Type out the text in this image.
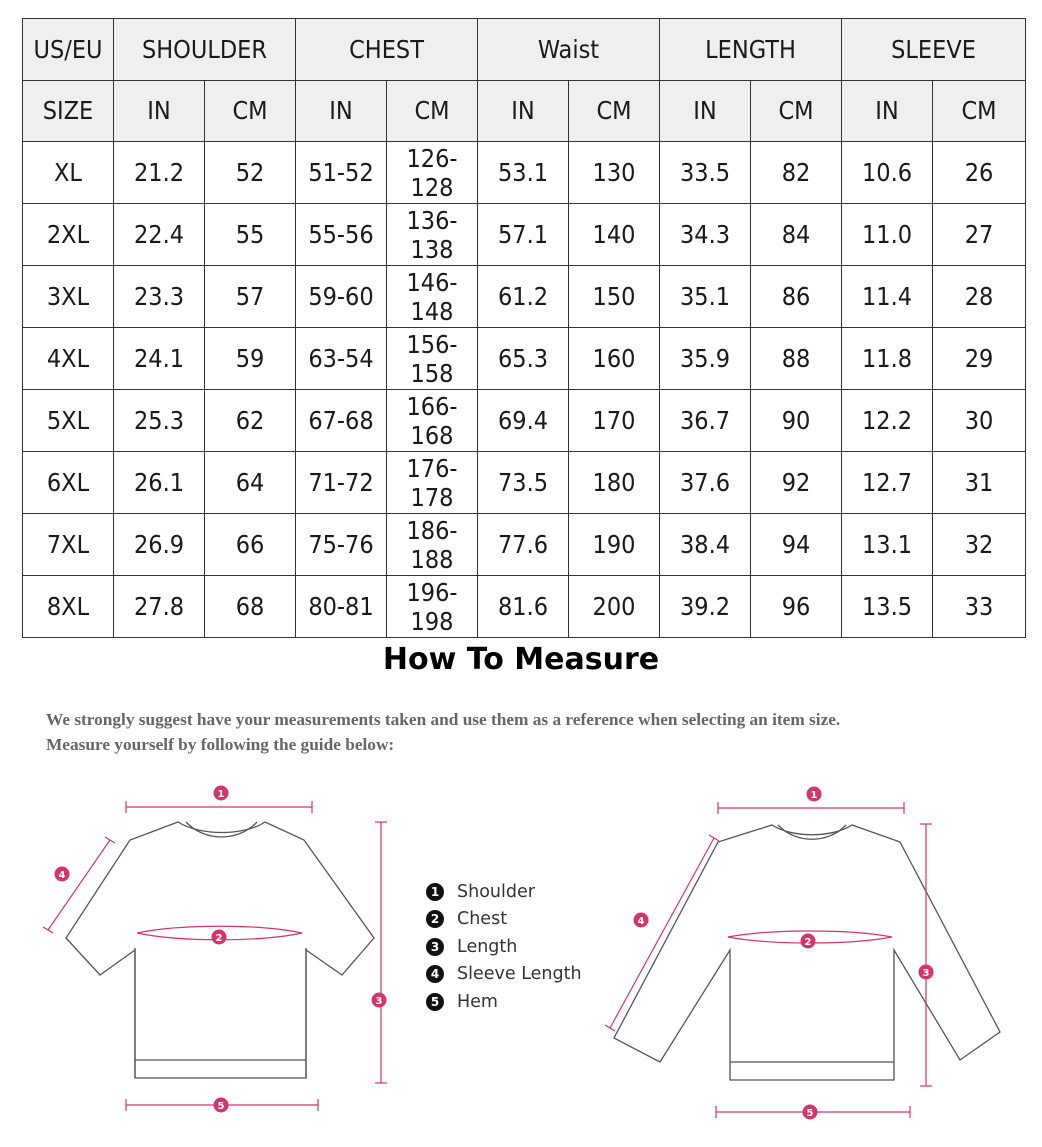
US/EU	SHOULDER		CHEST		Waist		LENGTH		SLEEVE	
SIZE	IN	CM	IN	CM	IN	CM	IN	CM	IN	CM
XL	21.2	52	51-52	126-128	53.1	130	33.5	82	10.6	26
2XL	22.4	55	55-56	136-138	57.1	140	34.3	84	11.0	27
3XL	23.3	57	59-60	146-148	61.2	150	35.1	86	11.4	28
4XL	24.1	59	63-54	156-158	65.3	160	35.9	88	11.8	29
5XL	25.3	62	67-68	166-168	69.4	170	36.7	90	12.2	30
6XL	26.1	64	71-72	176-178	73.5	180	37.6	92	12.7	31
7XL	26.9	66	75-76	186-188	77.6	190	38.4	94	13.1	32
8XL	27.8	68	80-81	196-198	81.6	200	39.2	96	13.5	33
How To Measure
We strongly suggest have your measurements taken and use them as a reference when selecting an item size.
Measure yourself by following the guide below:
1
2
3
4
5
1
2
3
4
5
1 Shoulder
2 Chest
3 Length
4 Sleeve Length
5 Hem
